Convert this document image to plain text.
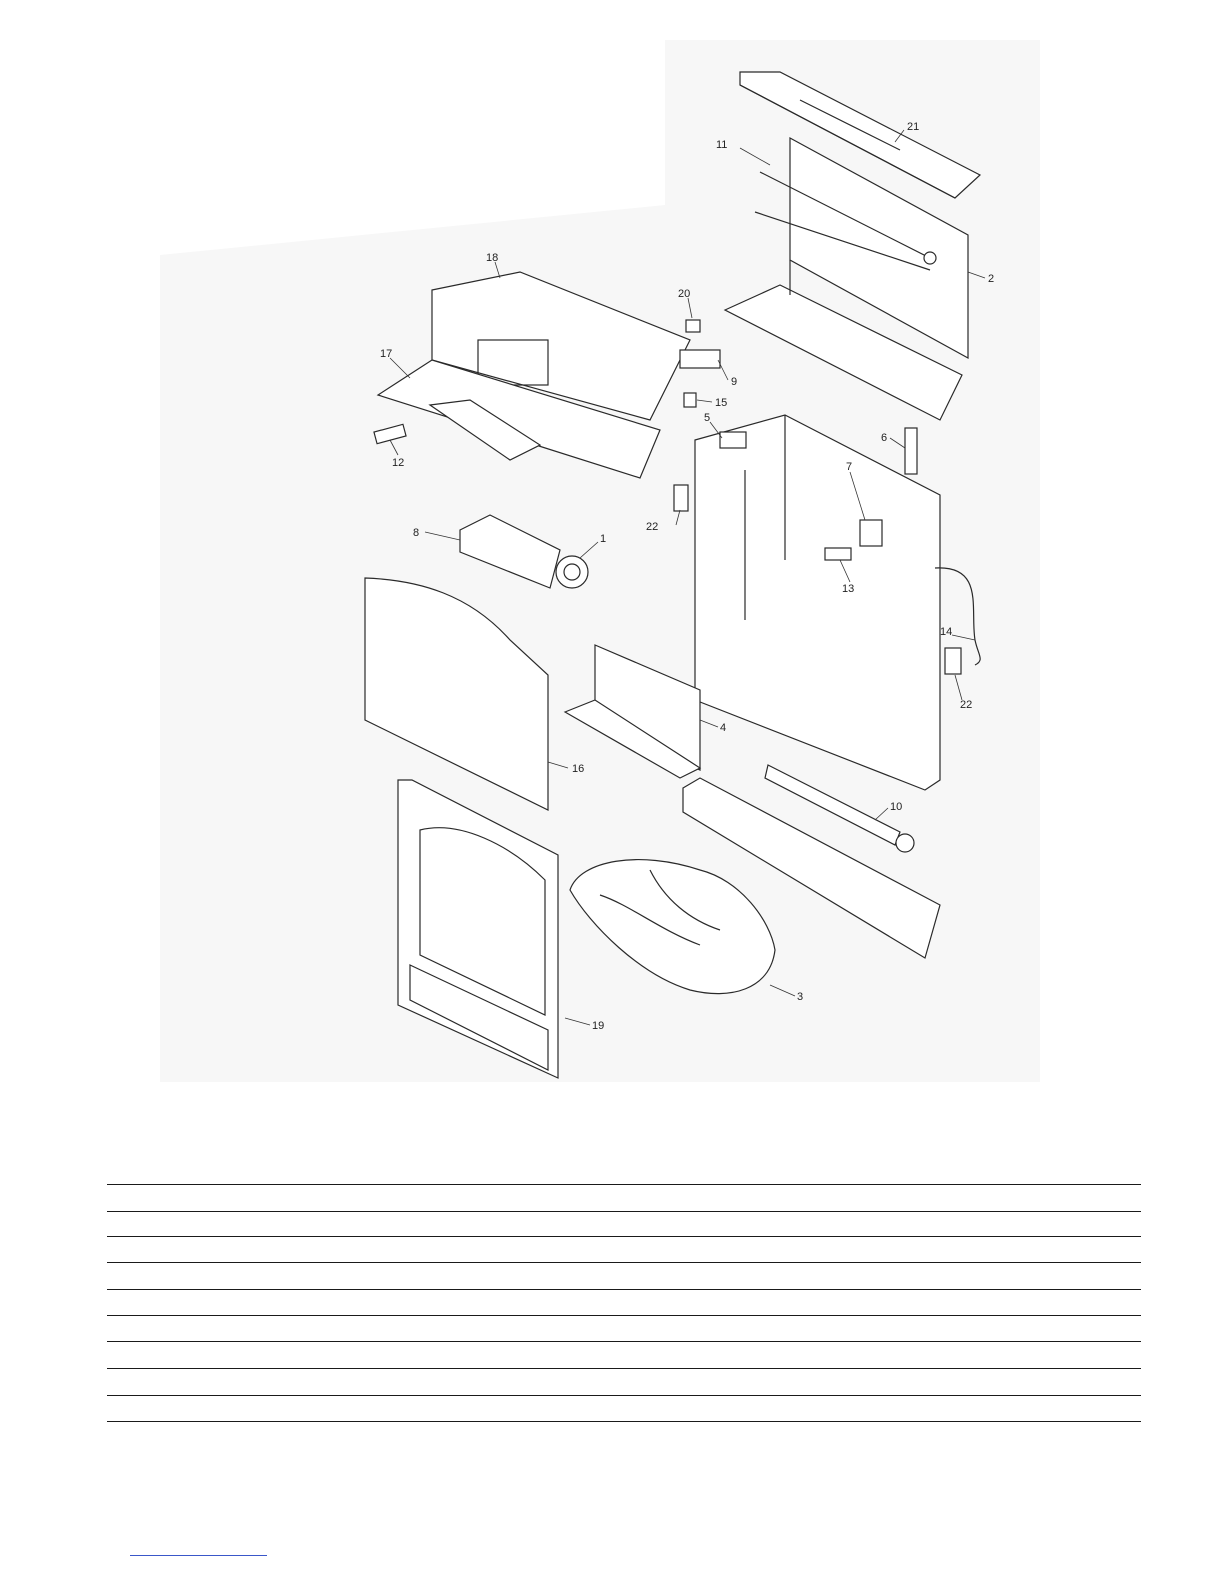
21
11
2
18
20
17
9
15
12
5
6
7
22
8	1
13
14
22
4
16
10
3
19
